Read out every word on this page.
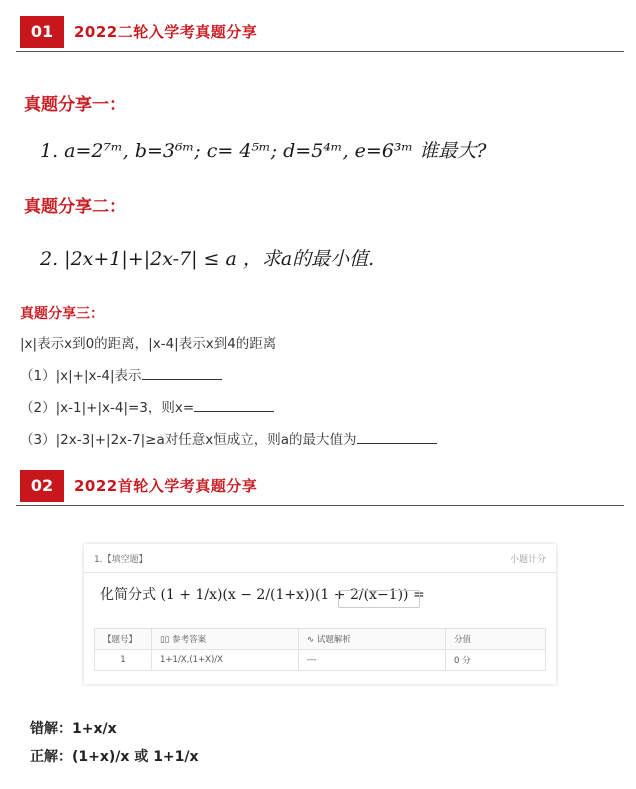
01	2022二轮入学考真题分享
真题分享一：
1. a=2⁷ᵐ, b=3⁶ᵐ; c= 4⁵ᵐ; d=5⁴ᵐ, e=6³ᵐ 谁最大?
真题分享二：
2. |2x+1|+|2x-7| ≤ a ，求a的最小值.
真题分享三：
|x|表示x到0的距离，|x-4|表示x到4的距离
（1）|x|+|x-4|表示
（2）|x-1|+|x-4|=3，则x=
（3）|2x-3|+|2x-7|≥a对任意x恒成立，则a的最大值为
02	2022首轮入学考真题分享
1.【填空题】	小题计分
化简分式 (1 + 1/x)(x − 2/(1+x))(1 + 2/(x−1)) =
【题号】	▯▯ 参考答案	∿ 试题解析	分值
1	1+1/X,(1+X)/X	---	0 分
错解：1+x/x
正解：(1+x)/x 或 1+1/x
